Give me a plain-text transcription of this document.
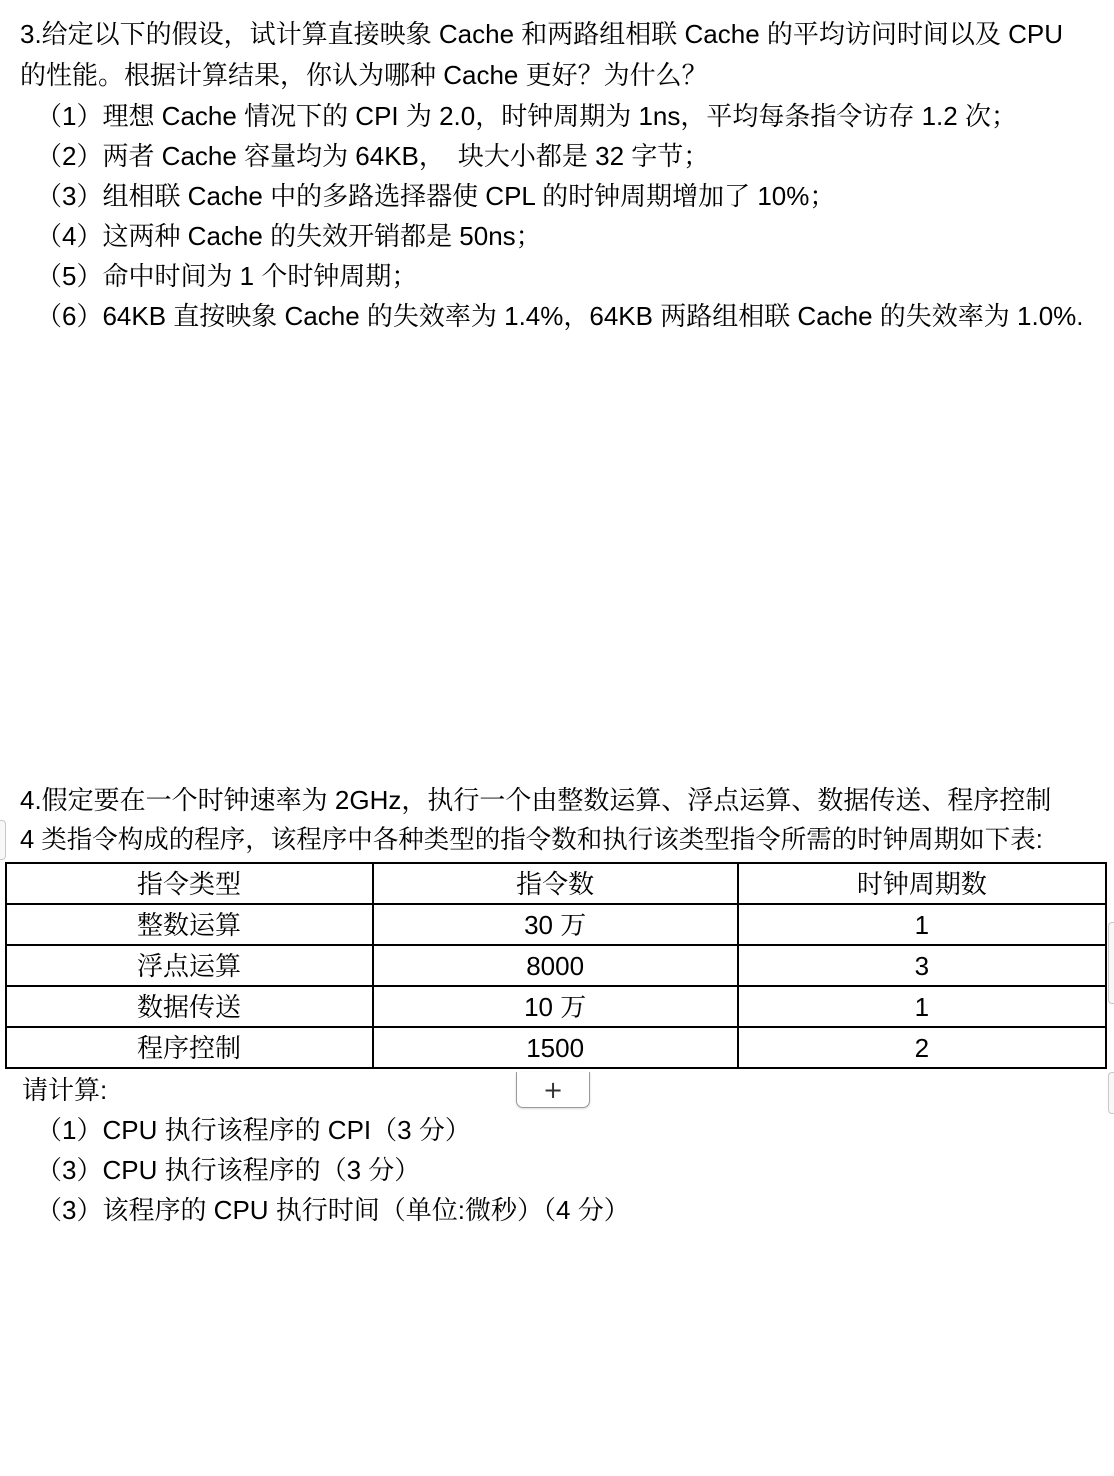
3.给定以下的假设，试计算直接映象 Cache 和两路组相联 Cache 的平均访问时间以及 CPU
的性能。根据计算结果，你认为哪种 Cache 更好？为什么？
（1）理想 Cache 情况下的 CPI 为 2.0，时钟周期为 1ns，平均每条指令访存 1.2 次；
（2）两者 Cache 容量均为 64KB，　块大小都是 32 字节；
（3）组相联 Cache 中的多路选择器使 CPL 的时钟周期增加了 10%；
（4）这两种 Cache 的失效开销都是 50ns；
（5）命中时间为 1 个时钟周期；
（6）64KB 直按映象 Cache 的失效率为 1.4%，64KB 两路组相联 Cache 的失效率为 1.0%.
4.假定要在一个时钟速率为 2GHz，执行一个由整数运算、浮点运算、数据传送、程序控制
4 类指令构成的程序，该程序中各种类型的指令数和执行该类型指令所需的时钟周期如下表:
指令类型	指令数	时钟周期数
整数运算	30 万	1
浮点运算	8000	3
数据传送	10 万	1
程序控制	1500	2
+
请计算:
（1）CPU 执行该程序的 CPI（3 分）
（3）CPU 执行该程序的（3 分）
（3）该程序的 CPU 执行时间（单位:微秒）（4 分）
